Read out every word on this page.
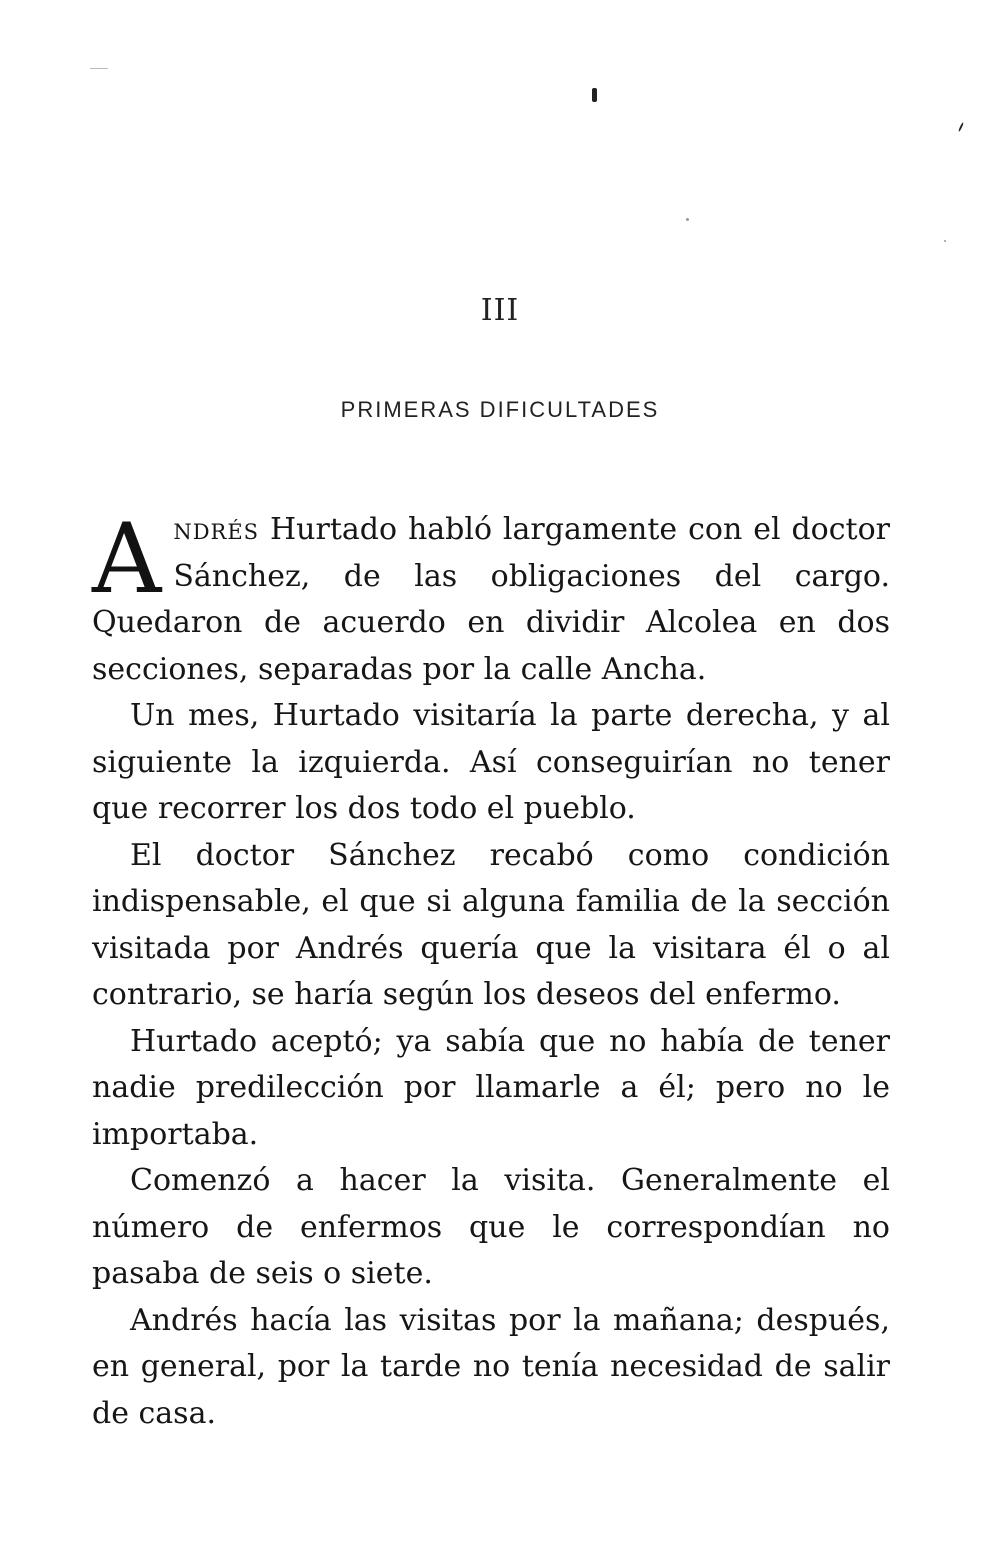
III
PRIMERAS DIFICULTADES

Andrés Hurtado habló largamente con el doctor Sánchez, de las obligaciones del cargo. Quedaron de acuerdo en dividir Alcolea en dos secciones, separadas por la calle Ancha.

Un mes, Hurtado visitaría la parte derecha, y al siguiente la izquierda. Así conseguirían no tener que recorrer los dos todo el pueblo.

El doctor Sánchez recabó como condición indispensable, el que si alguna familia de la sección visitada por Andrés quería que la visitara él o al contrario, se haría según los deseos del enfermo.

Hurtado aceptó; ya sabía que no había de tener nadie predilección por llamarle a él; pero no le importaba.

Comenzó a hacer la visita. Generalmente el número de enfermos que le correspondían no pasaba de seis o siete.

Andrés hacía las visitas por la mañana; después, en general, por la tarde no tenía necesidad de salir de casa.
